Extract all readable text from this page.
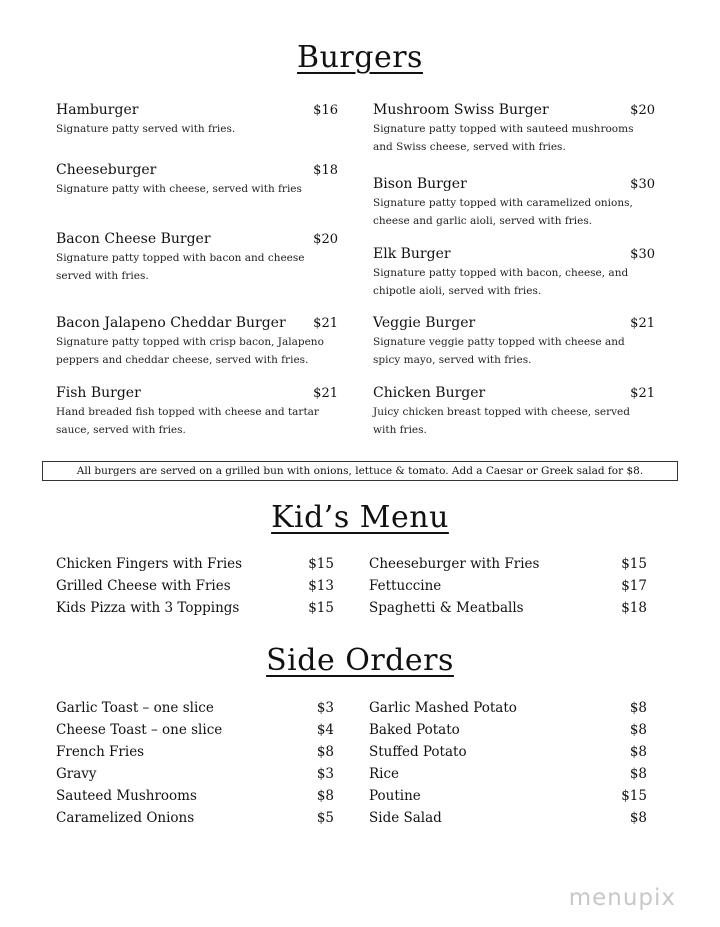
Burgers
Hamburger	$16
Signature patty served with fries.
Cheeseburger	$18
Signature patty with cheese, served with fries
Bacon Cheese Burger	$20
Signature patty topped with bacon and cheese served with fries.
Bacon Jalapeno Cheddar Burger $21
Signature patty topped with crisp bacon, Jalapeno peppers and cheddar cheese, served with fries.
Fish Burger	$21
Hand breaded fish topped with cheese and tartar sauce, served with fries.
Mushroom Swiss Burger	$20
Signature patty topped with sauteed mushrooms and Swiss cheese, served with fries.
Bison Burger	$30
Signature patty topped with caramelized onions, cheese and garlic aioli, served with fries.
Elk Burger	$30
Signature patty topped with bacon, cheese, and chipotle aioli, served with fries.
Veggie Burger	$21
Signature veggie patty topped with cheese and spicy mayo, served with fries.
Chicken Burger	$21
Juicy chicken breast topped with cheese, served with fries.
All burgers are served on a grilled bun with onions, lettuce & tomato. Add a Caesar or Greek salad for $8.
Kid’s Menu
Chicken Fingers with Fries	$15
Grilled Cheese with Fries	$13
Kids Pizza with 3 Toppings	$15
Cheeseburger with Fries	$15
Fettuccine	$17
Spaghetti & Meatballs	$18
Side Orders
Garlic Toast – one slice	$3
Cheese Toast – one slice	$4
French Fries	$8
Gravy	$3
Sauteed Mushrooms	$8
Caramelized Onions	$5
Garlic Mashed Potato	$8
Baked Potato	$8
Stuffed Potato	$8
Rice	$8
Poutine	$15
Side Salad	$8
menupix
